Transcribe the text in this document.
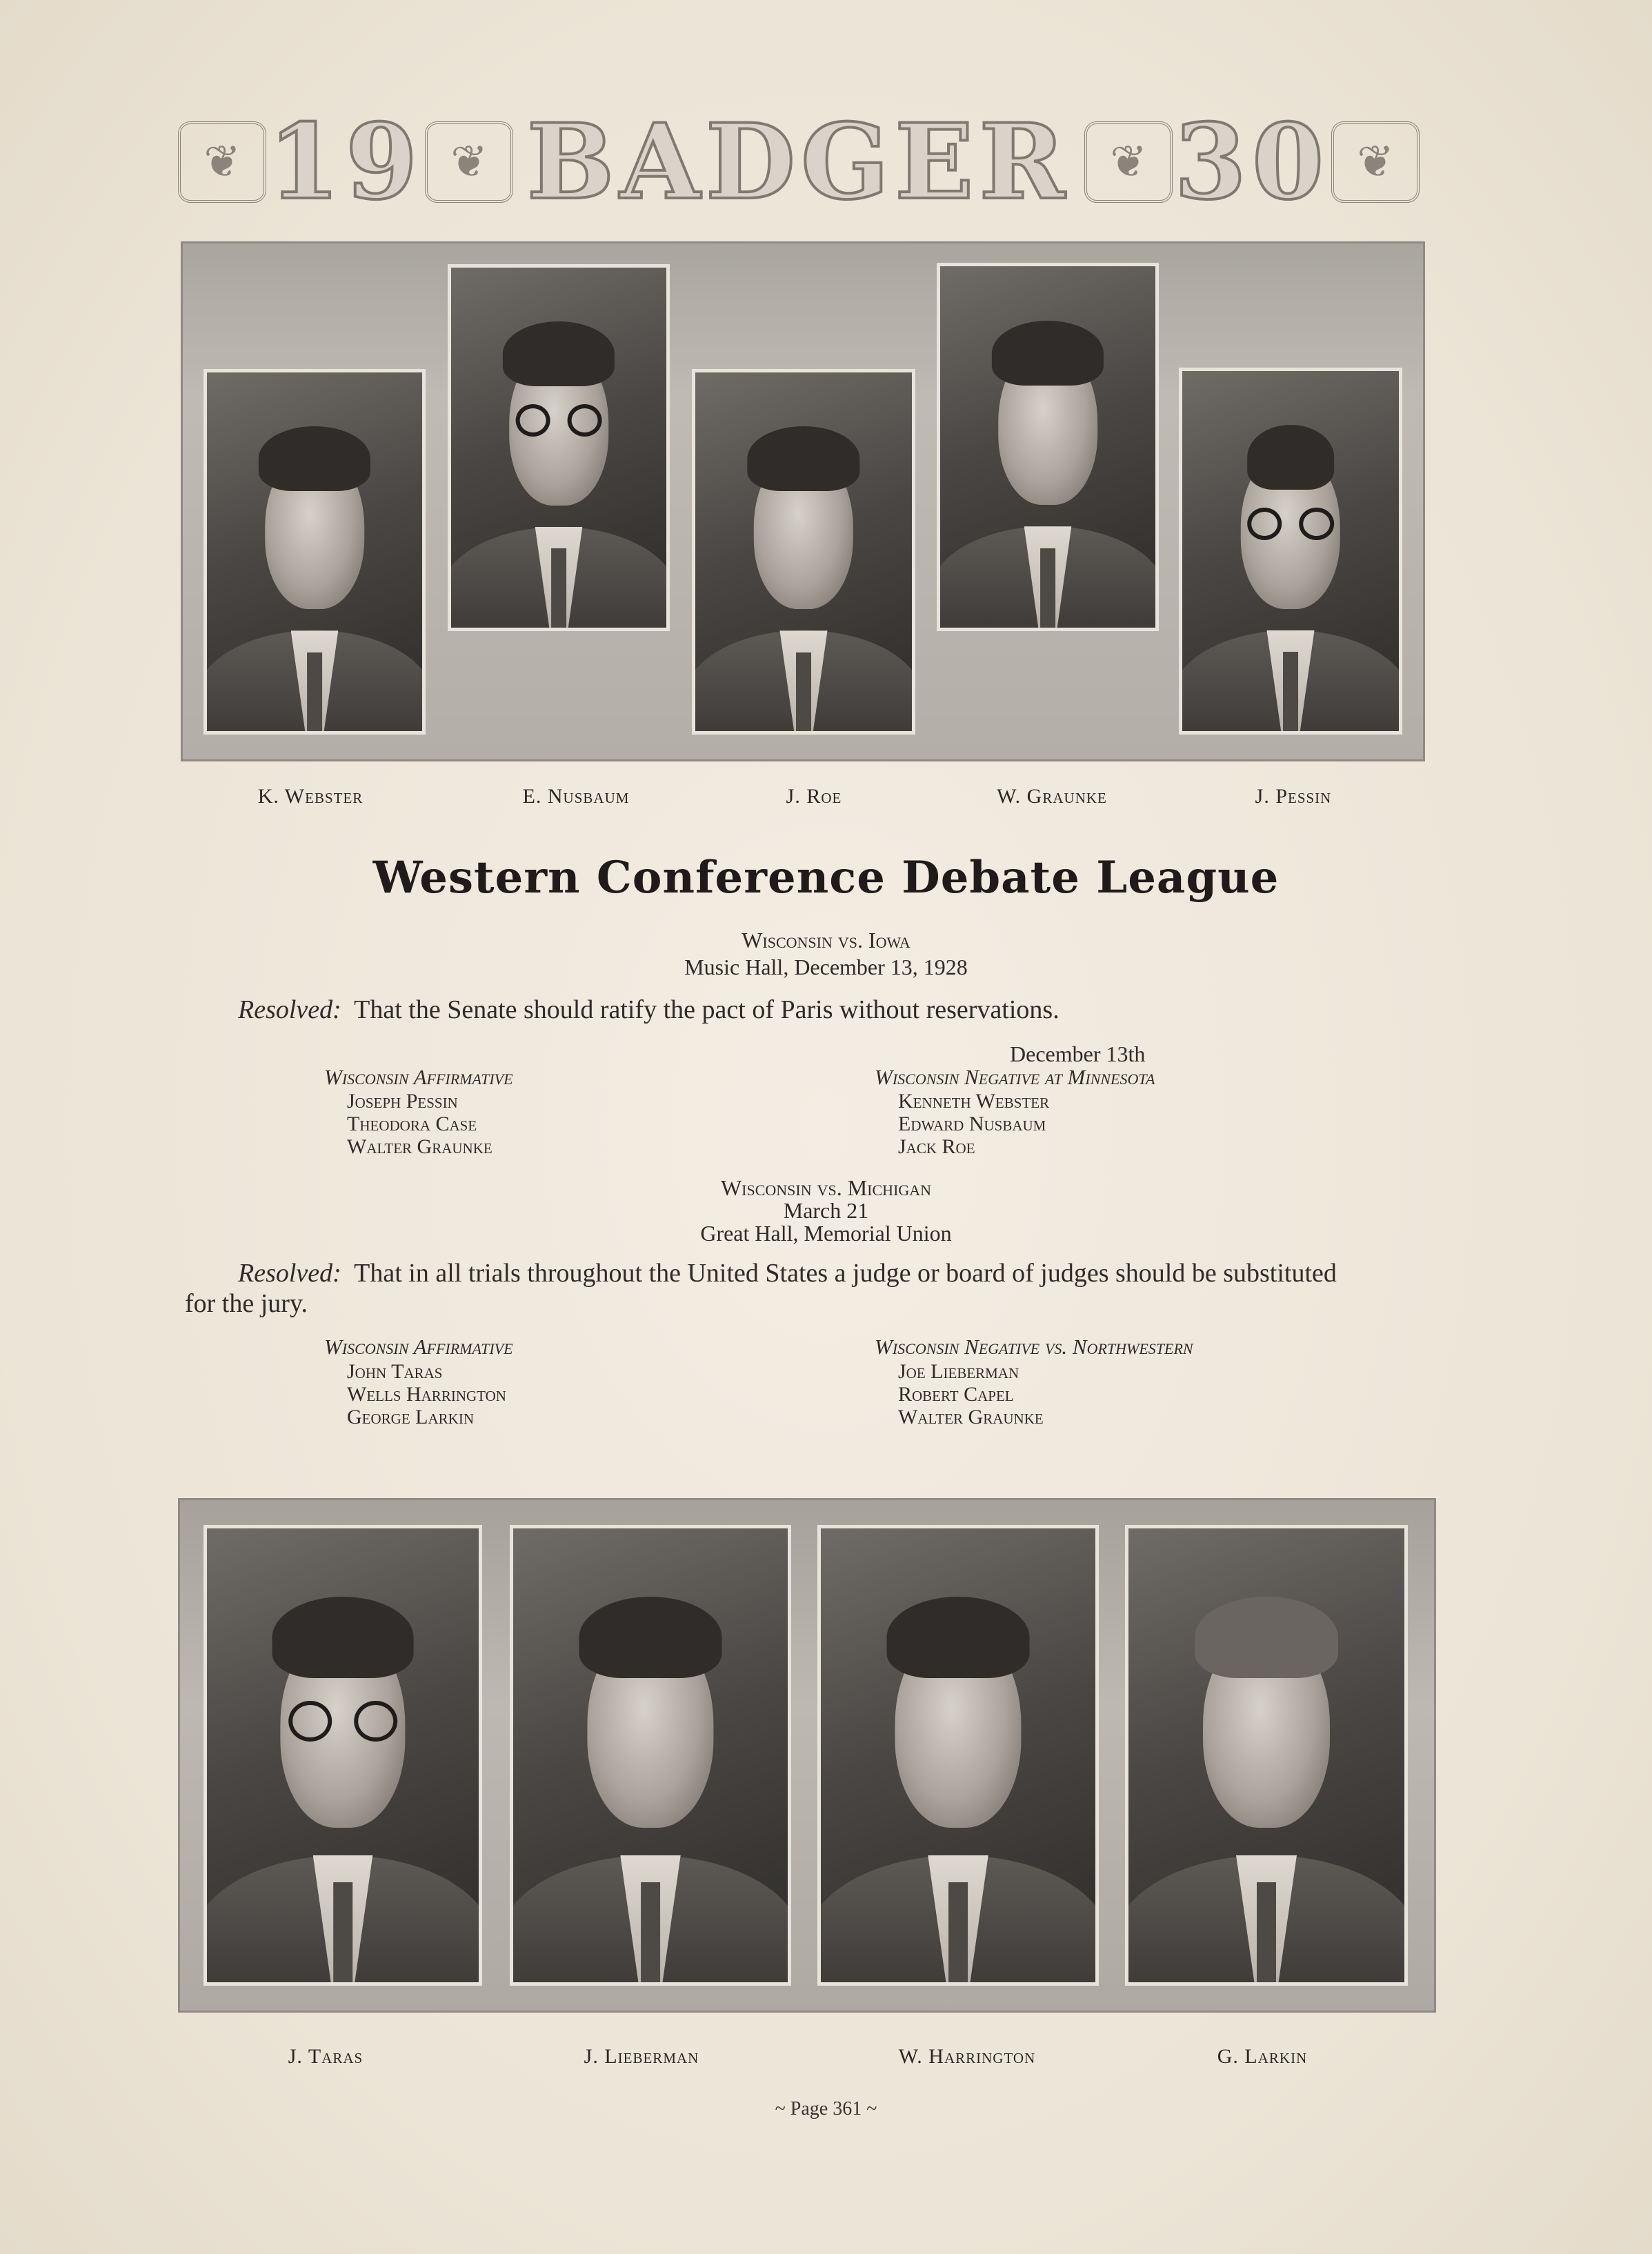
❦ 19 ❦ BADGER ❦ 30 ❦
K. Webster	E. Nusbaum	J. Roe	W. Graunke	J. Pessin
Western Conference Debate League
Wisconsin vs. Iowa
Music Hall, December 13, 1928
Resolved: That the Senate should ratify the pact of Paris without reservations.
December 13th
Wisconsin Affirmative
Joseph Pessin
Theodora Case
Walter Graunke
Wisconsin Negative at Minnesota
Kenneth Webster
Edward Nusbaum
Jack Roe
Wisconsin vs. Michigan
March 21
Great Hall, Memorial Union
Resolved: That in all trials throughout the United States a judge or board of judges should be substituted
for the jury.
Wisconsin Affirmative
John Taras
Wells Harrington
George Larkin
Wisconsin Negative vs. Northwestern
Joe Lieberman
Robert Capel
Walter Graunke
J. Taras	J. Lieberman	W. Harrington	G. Larkin
~ Page 361 ~
